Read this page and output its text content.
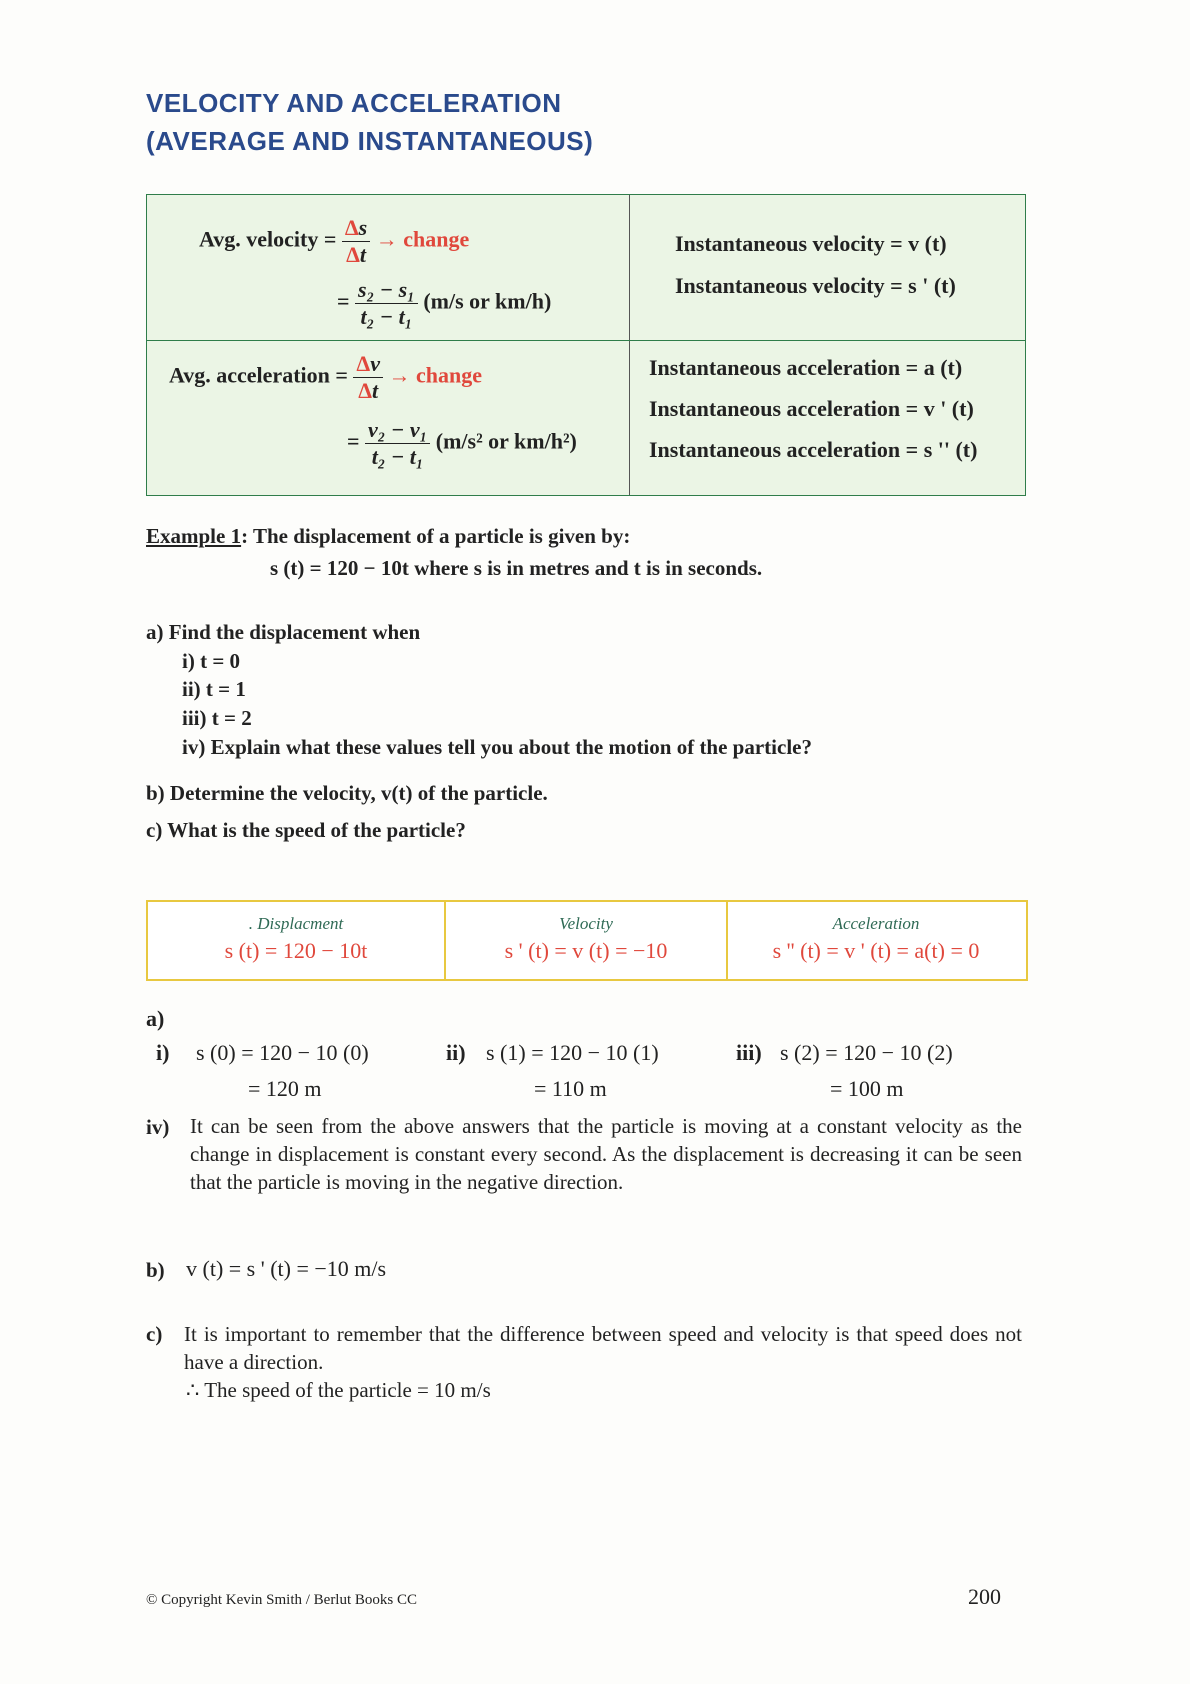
VELOCITY AND ACCELERATION
(AVERAGE AND INSTANTANEOUS)
Avg. velocity = $\frac{\Delta s}{\Delta t}$ → change
= $\frac{\text{s₂ − s₁}}{\text{t₂ − t₁}} (m/s$ or km/h)
Instantaneous velocity = v (t)
Instantaneous velocity = s ' (t)
Avg. acceleration = $\frac{\Delta v}{\Delta t}$ → change
= $\frac{\text{v₂ − v₁}}{\text{t₂ − t₁}} (m/s^2$ or km/h²)
Instantaneous acceleration = a (t)
Instantaneous acceleration = v ' (t)
Instantaneous acceleration = s '' (t)
Example 1: The displacement of a particle is given by:
s (t) = 120 − 10t where s is in metres and t is in seconds.
a) Find the displacement when
i) t = 0
ii) t = 1
iii) t = 2
iv) Explain what these values tell you about the motion of the particle?
b) Determine the velocity, v(t) of the particle.
c) What is the speed of the particle?
. Displacment
s (t) = 120 − 10t
Velocity
s ' (t) = v (t) = −10
Acceleration
s '' (t) = v ' (t) = a(t) = 0
a)
i) s (0) = 120 − 10 (0)
= 120 m
ii) s (1) = 120 − 10 (1)
= 110 m
iii) s (2) = 120 − 10 (2)
= 100 m
iv) It can be seen from the above answers that the particle is moving at a constant velocity as the change in displacement is constant every second. As the displacement is decreasing it can be seen that the particle is moving in the negative direction.
b) v (t) = s ' (t) = −10 m/s
c) It is important to remember that the difference between speed and velocity is that speed does not have a direction.
∴ The speed of the particle = 10 m/s
© Copyright Kevin Smith / Berlut Books CC	200
